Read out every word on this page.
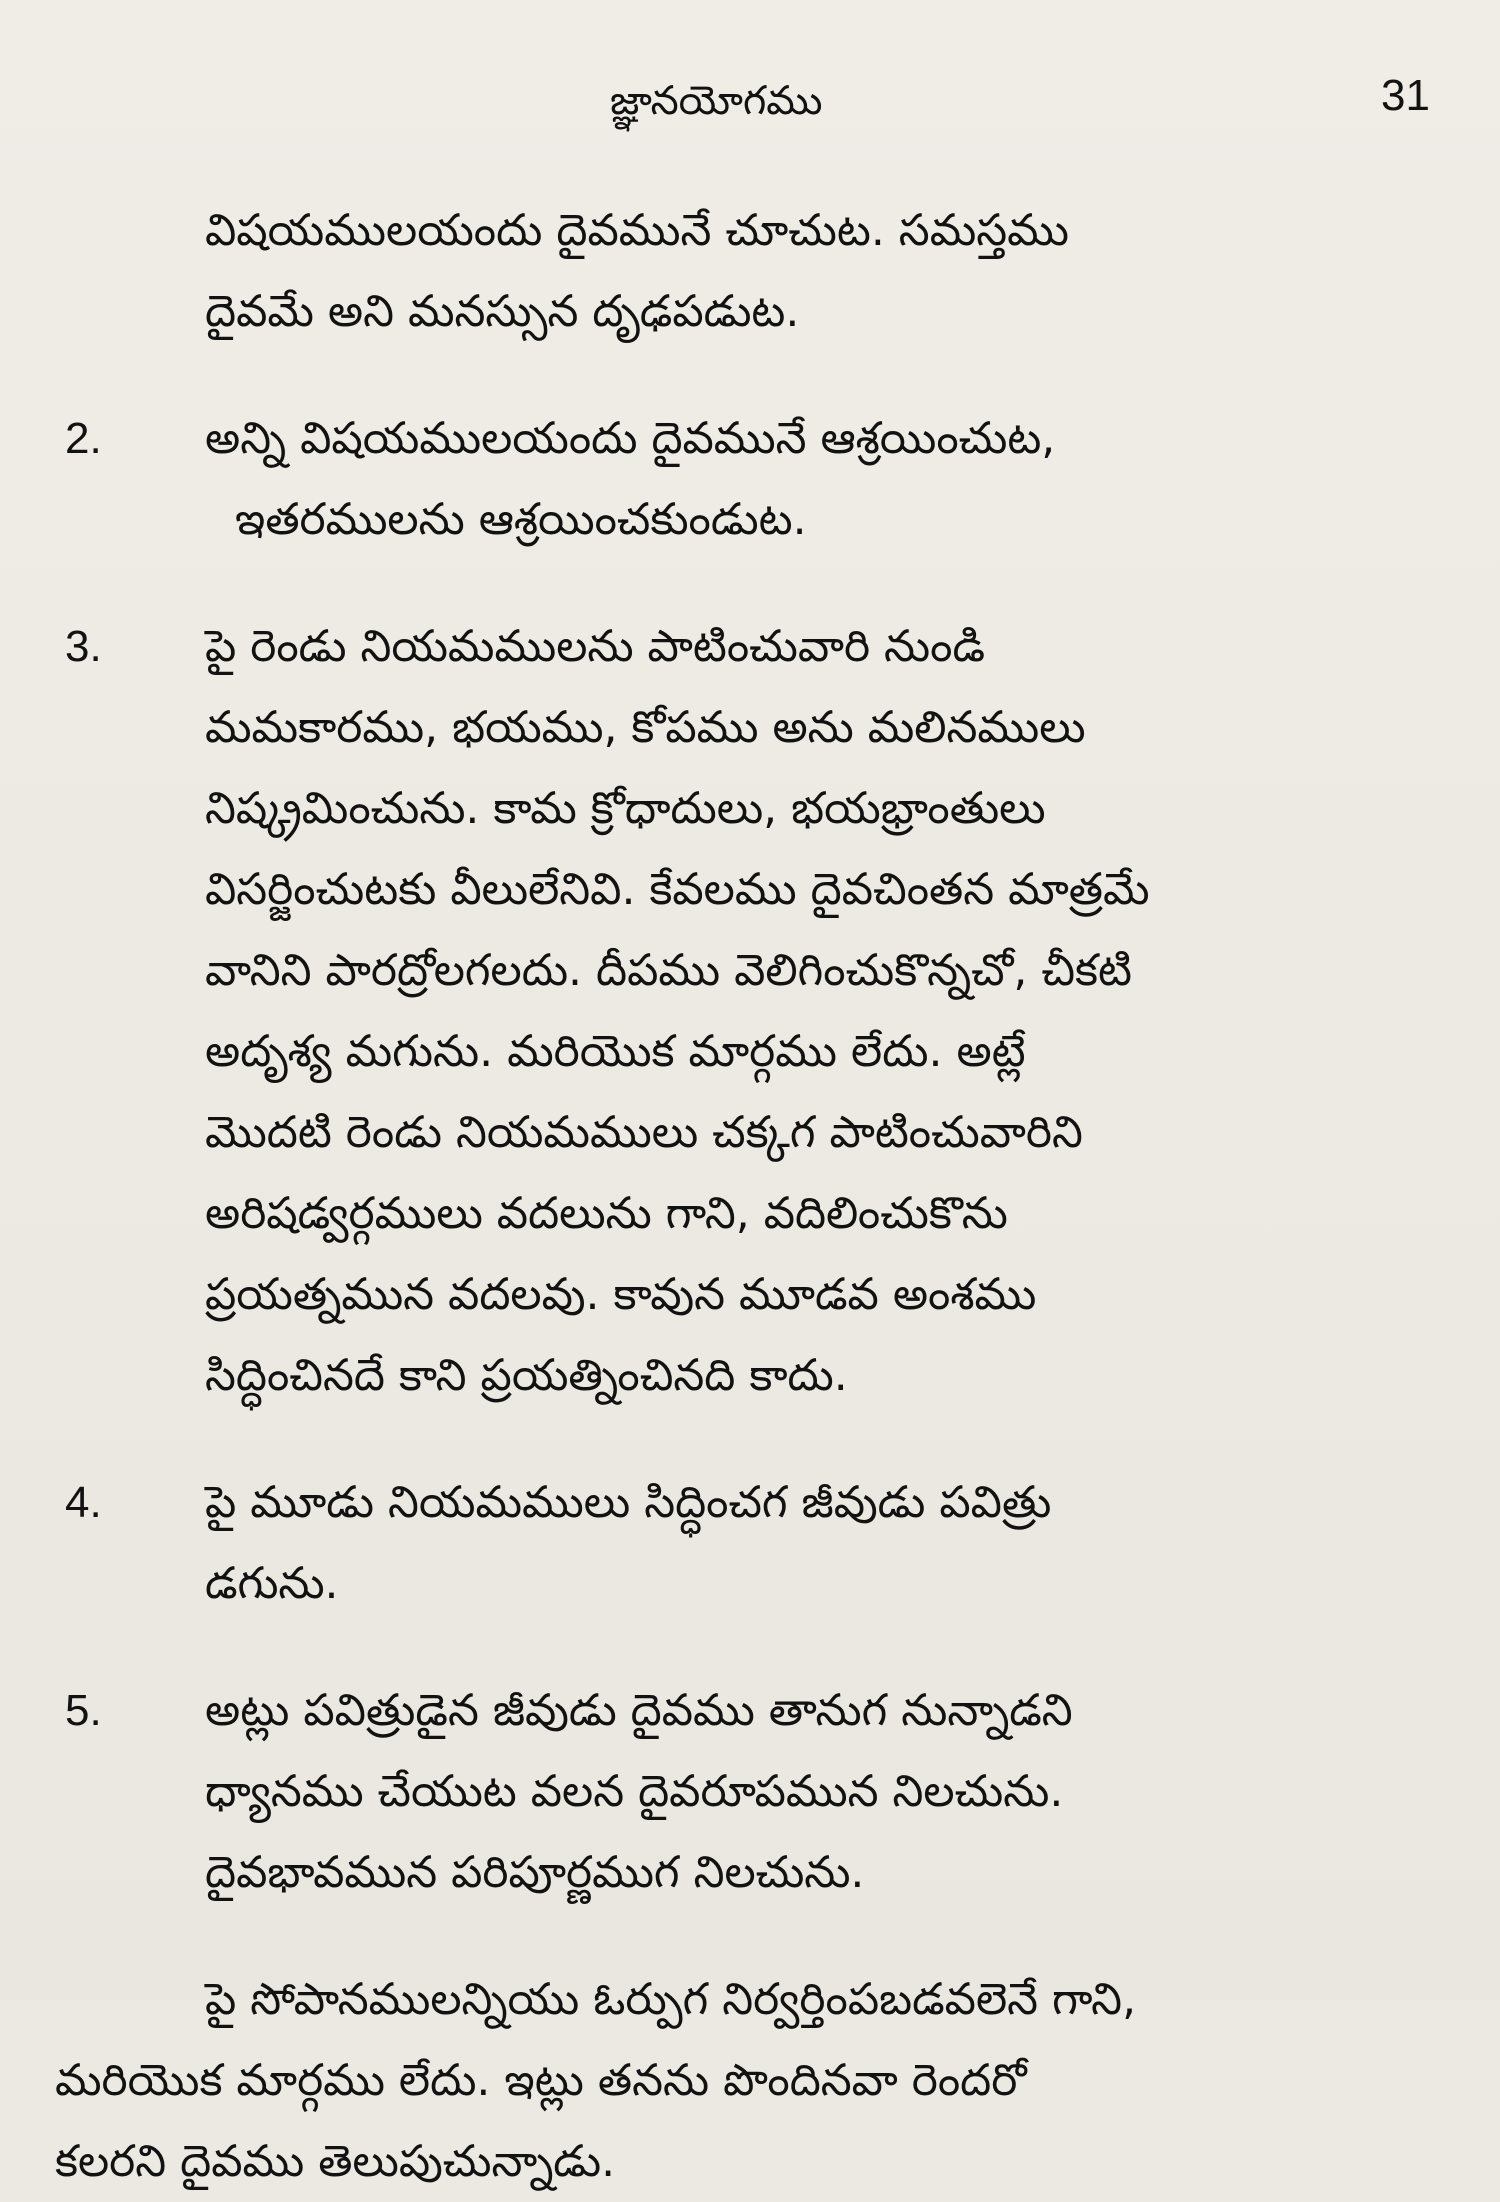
జ్ఞానయోగము	31
విషయములయందు దైవమునే చూచుట. సమస్తము
దైవమే అని మనస్సున దృఢపడుట.
2. అన్ని విషయములయందు దైవమునే ఆశ్రయించుట,
ఇతరములను ఆశ్రయించకుండుట.
3. పై రెండు నియమములను పాటించువారి నుండి
మమకారము, భయము, కోపము అను మలినములు
నిష్క్రమించును. కామ క్రోధాదులు, భయభ్రాంతులు
విసర్జించుటకు వీలులేనివి. కేవలము దైవచింతన మాత్రమే
వానిని పారద్రోలగలదు. దీపము వెలిగించుకొన్నచో, చీకటి
అదృశ్య మగును. మరియొక మార్గము లేదు. అట్లే
మొదటి రెండు నియమములు చక్కగ పాటించువారిని
అరిషడ్వర్గములు వదలును గాని, వదిలించుకొను
ప్రయత్నమున వదలవు. కావున మూడవ అంశము
సిద్ధించినదే కాని ప్రయత్నించినది కాదు.
4. పై మూడు నియమములు సిద్ధించగ జీవుడు పవిత్రు
డగును.
5. అట్లు పవిత్రుడైన జీవుడు దైవము తానుగ నున్నాడని
ధ్యానము చేయుట వలన దైవరూపమున నిలచును.
దైవభావమున పరిపూర్ణముగ నిలచును.
పై సోపానములన్నియు ఓర్పుగ నిర్వర్తింపబడవలెనే గాని,
మరియొక మార్గము లేదు. ఇట్లు తనను పొందినవా రెందరో
కలరని దైవము తెలుపుచున్నాడు.
